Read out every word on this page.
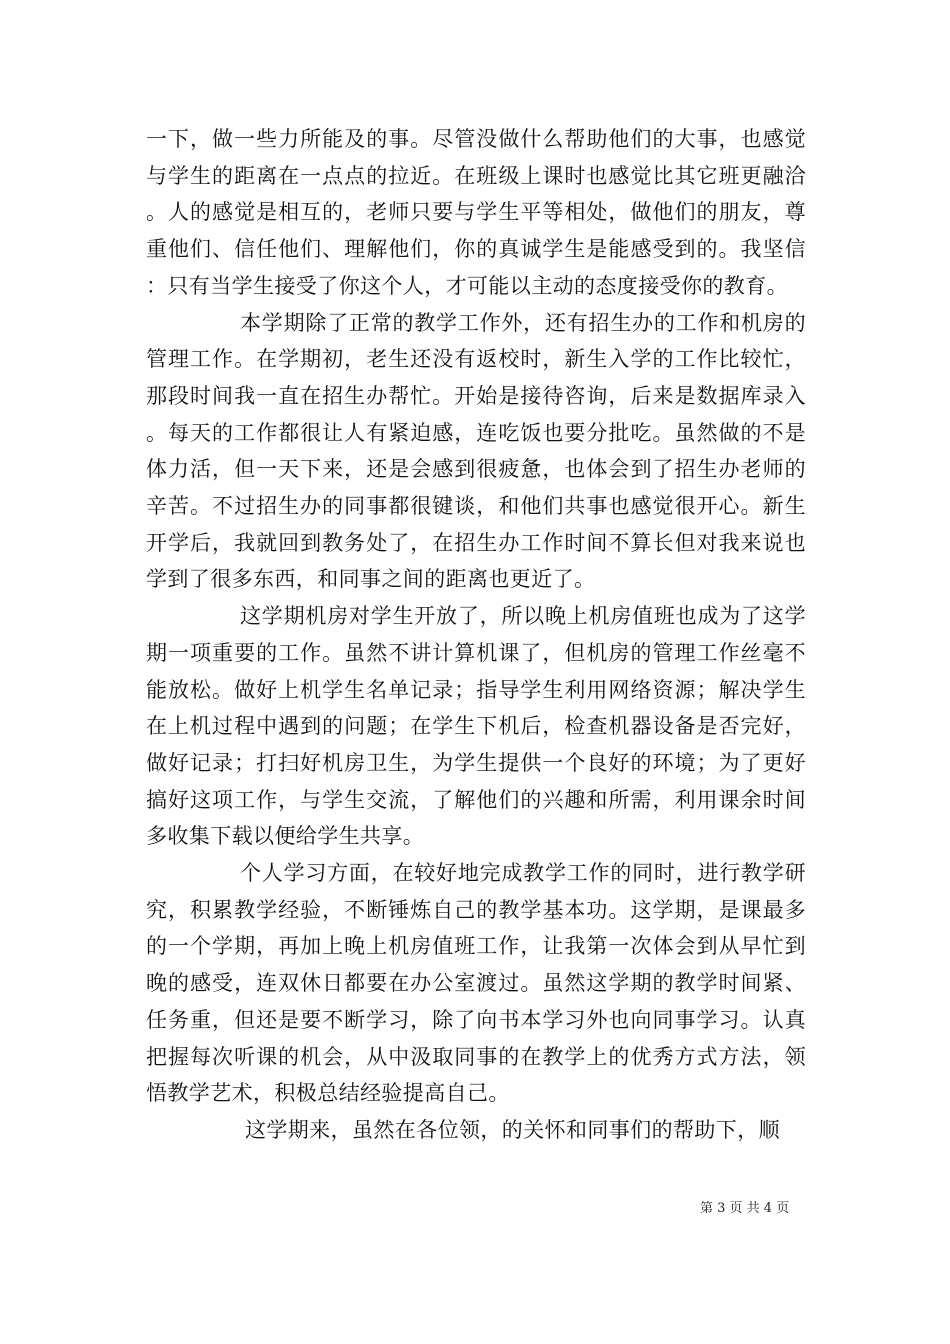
一下，做一些力所能及的事。尽管没做什么帮助他们的大事，也感觉与学生的距离在一点点的拉近。在班级上课时也感觉比其它班更融洽。人的感觉是相互的，老师只要与学生平等相处，做他们的朋友，尊重他们、信任他们、理解他们，你的真诚学生是能感受到的。我坚信：只有当学生接受了你这个人，才可能以主动的态度接受你的教育。

本学期除了正常的教学工作外，还有招生办的工作和机房的管理工作。在学期初，老生还没有返校时，新生入学的工作比较忙，那段时间我一直在招生办帮忙。开始是接待咨询，后来是数据库录入。每天的工作都很让人有紧迫感，连吃饭也要分批吃。虽然做的不是体力活，但一天下来，还是会感到很疲惫，也体会到了招生办老师的辛苦。不过招生办的同事都很键谈，和他们共事也感觉很开心。新生开学后，我就回到教务处了，在招生办工作时间不算长但对我来说也学到了很多东西，和同事之间的距离也更近了。

这学期机房对学生开放了，所以晚上机房值班也成为了这学期一项重要的工作。虽然不讲计算机课了，但机房的管理工作丝毫不能放松。做好上机学生名单记录；指导学生利用网络资源；解决学生在上机过程中遇到的问题；在学生下机后，检查机器设备是否完好，做好记录；打扫好机房卫生，为学生提供一个良好的环境；为了更好搞好这项工作，与学生交流，了解他们的兴趣和所需，利用课余时间多收集下载以便给学生共享。

个人学习方面，在较好地完成教学工作的同时，进行教学研究，积累教学经验，不断锤炼自己的教学基本功。这学期，是课最多的一个学期，再加上晚上机房值班工作，让我第一次体会到从早忙到晚的感受，连双休日都要在办公室渡过。虽然这学期的教学时间紧、任务重，但还是要不断学习，除了向书本学习外也向同事学习。认真把握每次听课的机会，从中汲取同事的在教学上的优秀方式方法，领悟教学艺术，积极总结经验提高自己。

这学期来，虽然在各位领，的关怀和同事们的帮助下，顺

第 3 页 共 4 页
